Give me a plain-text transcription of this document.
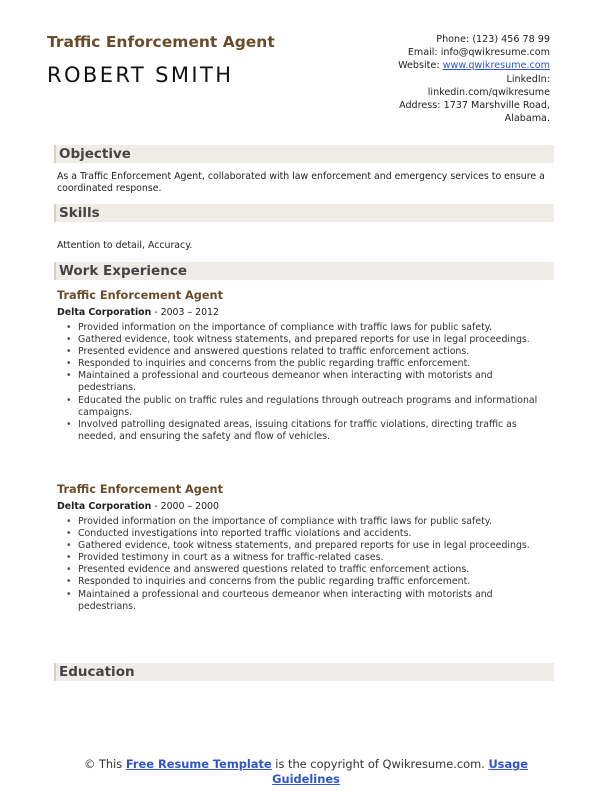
Traffic Enforcement Agent
ROBERT SMITH
Phone: (123) 456 78 99
Email: info@qwikresume.com
Website: www.qwikresume.com
LinkedIn:
linkedin.com/qwikresume
Address: 1737 Marshville Road,
Alabama.
Objective
As a Traffic Enforcement Agent, collaborated with law enforcement and emergency services to ensure a coordinated response.
Skills
Attention to detail, Accuracy.
Work Experience
Traffic Enforcement Agent
Delta Corporation - 2003 – 2012
• Provided information on the importance of compliance with traffic laws for public safety.
• Gathered evidence, took witness statements, and prepared reports for use in legal proceedings.
• Presented evidence and answered questions related to traffic enforcement actions.
• Responded to inquiries and concerns from the public regarding traffic enforcement.
• Maintained a professional and courteous demeanor when interacting with motorists and pedestrians.
• Educated the public on traffic rules and regulations through outreach programs and informational campaigns.
• Involved patrolling designated areas, issuing citations for traffic violations, directing traffic as needed, and ensuring the safety and flow of vehicles.
Traffic Enforcement Agent
Delta Corporation - 2000 – 2000
• Provided information on the importance of compliance with traffic laws for public safety.
• Conducted investigations into reported traffic violations and accidents.
• Gathered evidence, took witness statements, and prepared reports for use in legal proceedings.
• Provided testimony in court as a witness for traffic-related cases.
• Presented evidence and answered questions related to traffic enforcement actions.
• Responded to inquiries and concerns from the public regarding traffic enforcement.
• Maintained a professional and courteous demeanor when interacting with motorists and pedestrians.
Education
© This Free Resume Template is the copyright of Qwikresume.com. Usage Guidelines
